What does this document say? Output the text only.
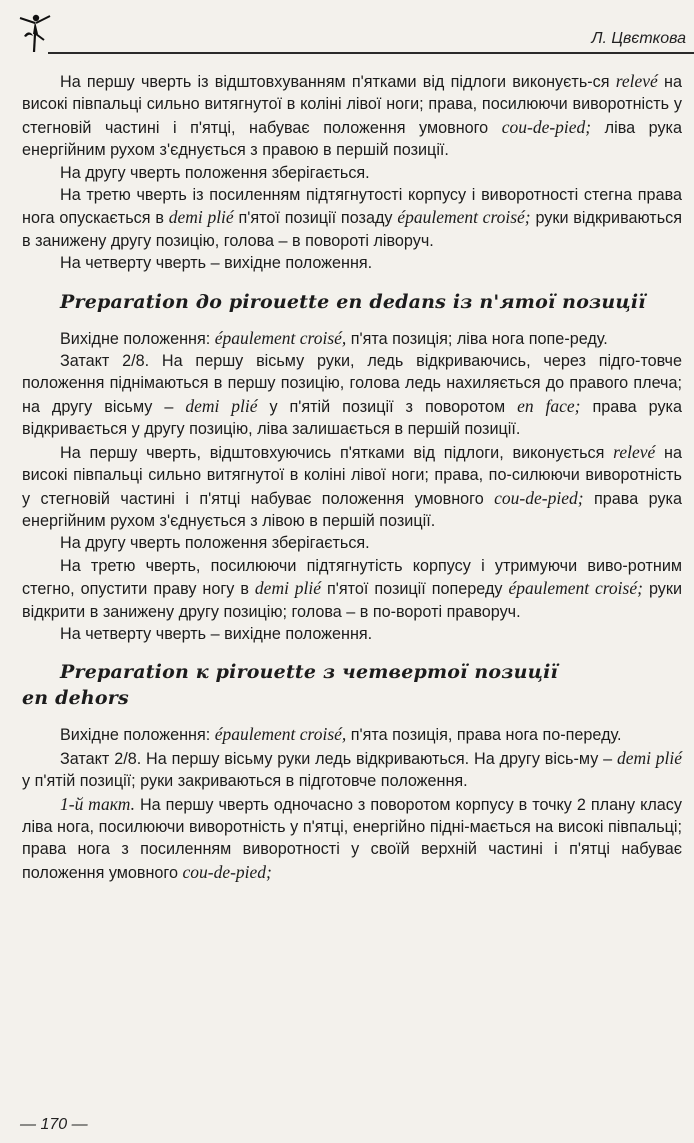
Л. Цвєткова

На першу чверть із відштовхуванням п'ятками від підлоги виконуєть-ся relevé на високі півпальці сильно витягнутої в коліні лівої ноги; права, посилюючи виворотність у стегновій частині і п'ятці, набуває положення умовного cou-de-pied; ліва рука енергійним рухом з'єднується з правою в першій позиції.

На другу чверть положення зберігається.

На третю чверть із посиленням підтягнутості корпусу і виворотності стегна права нога опускається в demi plié п'ятої позиції позаду épaulement croisé; руки відкриваються в занижену другу позицію, голова – в повороті ліворуч.

На четверту чверть – вихідне положення.

Preparation до pirouette en dedans із п'ятої позиції

Вихідне положення: épaulement croisé, п'ята позиція; ліва нога попе-реду.

Затакт 2/8. На першу вісьму руки, ледь відкриваючись, через підго-товче положення піднімаються в першу позицію, голова ледь нахиляється до правого плеча; на другу вісьму – demi plié у п'ятій позиції з поворотом en face; права рука відкривається у другу позицію, ліва залишається в першій позиції.

На першу чверть, відштовхуючись п'ятками від підлоги, виконується relevé на високі півпальці сильно витягнутої в коліні лівої ноги; права, по-силюючи виворотність у стегновій частині і п'ятці набуває положення умовного cou-de-pied; права рука енергійним рухом з'єднується з лівою в першій позиції.

На другу чверть положення зберігається.

На третю чверть, посилюючи підтягнутість корпусу і утримуючи виво-ротним стегно, опустити праву ногу в demi plié п'ятої позиції попереду épaulement croisé; руки відкрити в занижену другу позицію; голова – в по-вороті праворуч.

На четверту чверть – вихідне положення.

Preparation к pirouette з четвертої позиції
en dehors

Вихідне положення: épaulement croisé, п'ята позиція, права нога по-переду.

Затакт 2/8. На першу вісьму руки ледь відкриваються. На другу віcь-му – demi plié у п'ятій позиції; руки закриваються в підготовче положення.

1-й такт. На першу чверть одночасно з поворотом корпусу в точку 2 плану класу ліва нога, посилюючи виворотність у п'ятці, енергійно підні-мається на високі півпальці; права нога з посиленням виворотності у своїй верхній частині і п'ятці набуває положення умовного cou-de-pied;

— 170 —
